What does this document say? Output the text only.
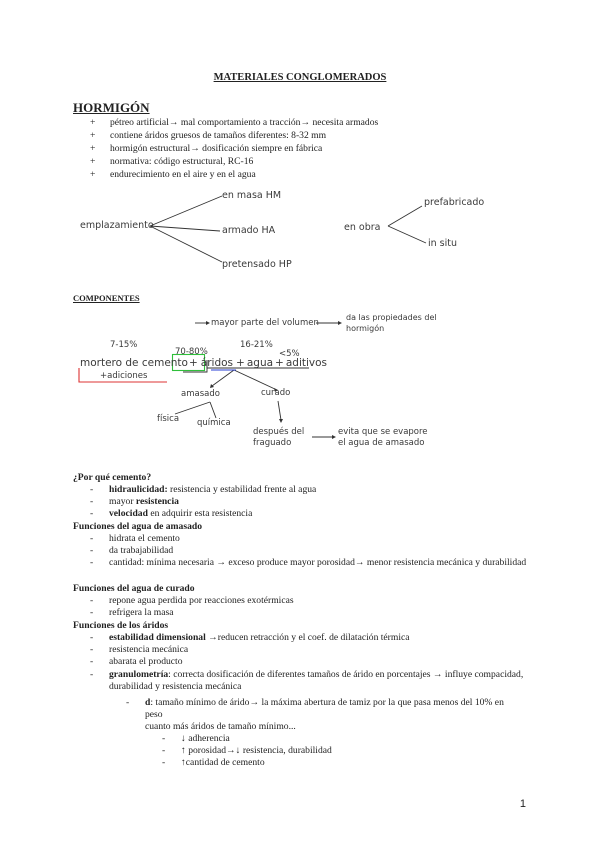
MATERIALES CONGLOMERADOS
HORMIGÓN
+ pétreo artificial→ mal comportamiento a tracción→ necesita armados
+ contiene áridos gruesos de tamaños diferentes: 8-32 mm
+ hormigón estructural→ dosificación siempre en fábrica
+ normativa: código estructural, RC-16
+ endurecimiento en el aire y en el agua
emplazamiento
en masa HM
armado HA
pretensado HP
en obra
prefabricado
in situ
COMPONENTES
mayor parte del volumen
da las propiedades del
hormigón
7-15%
70-80%
16-21%
<5%
mortero de cemento+ áridos + agua + aditivos
+adiciones
amasado
física química
curado
después del
fraguado
evita que se evapore
el agua de amasado
¿Por qué cemento?
- hidraulicidad: resistencia y estabilidad frente al agua
- mayor resistencia
- velocidad en adquirir esta resistencia
Funciones del agua de amasado
- hidrata el cemento
- da trabajabilidad
- cantidad: mínima necesaria → exceso produce mayor porosidad→ menor resistencia mecánica y durabilidad
Funciones del agua de curado
- repone agua perdida por reacciones exotérmicas
- refrigera la masa
Funciones de los áridos
- estabilidad dimensional →reducen retracción y el coef. de dilatación térmica
- resistencia mecánica
- abarata el producto
- granulometría: correcta dosificación de diferentes tamaños de árido en porcentajes → influye compacidad, durabilidad y resistencia mecánica
- d: tamaño mínimo de árido→ la máxima abertura de tamiz por la que pasa menos del 10% en peso
cuanto más áridos de tamaño mínimo...
- ↓ adherencia
- ↑ porosidad→↓ resistencia, durabilidad
- ↑cantidad de cemento
1
